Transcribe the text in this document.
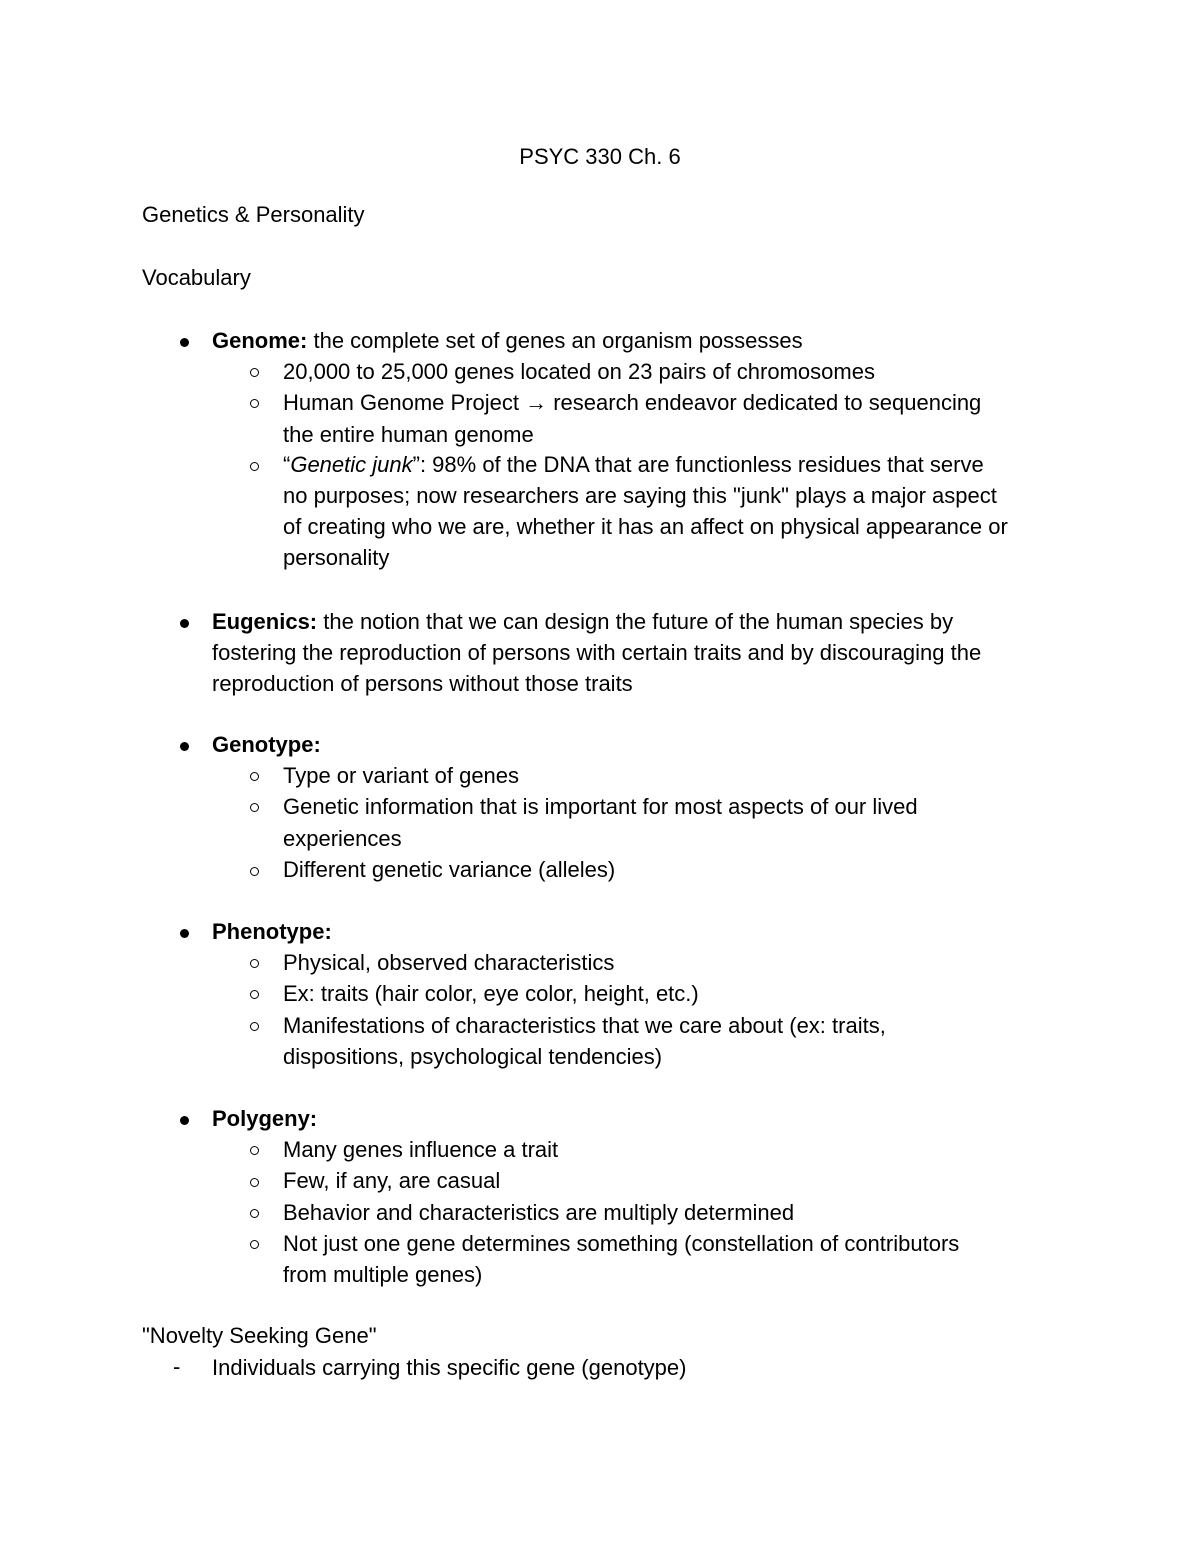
PSYC 330 Ch. 6
Genetics & Personality
Vocabulary
Genome: the complete set of genes an organism possesses
20,000 to 25,000 genes located on 23 pairs of chromosomes
Human Genome Project → research endeavor dedicated to sequencing
the entire human genome
“Genetic junk”: 98% of the DNA that are functionless residues that serve
no purposes; now researchers are saying this "junk" plays a major aspect
of creating who we are, whether it has an affect on physical appearance or
personality
Eugenics: the notion that we can design the future of the human species by
fostering the reproduction of persons with certain traits and by discouraging the
reproduction of persons without those traits
Genotype:
Type or variant of genes
Genetic information that is important for most aspects of our lived
experiences
Different genetic variance (alleles)
Phenotype:
Physical, observed characteristics
Ex: traits (hair color, eye color, height, etc.)
Manifestations of characteristics that we care about (ex: traits,
dispositions, psychological tendencies)
Polygeny:
Many genes influence a trait
Few, if any, are casual
Behavior and characteristics are multiply determined
Not just one gene determines something (constellation of contributors
from multiple genes)
"Novelty Seeking Gene"
- Individuals carrying this specific gene (genotype)
